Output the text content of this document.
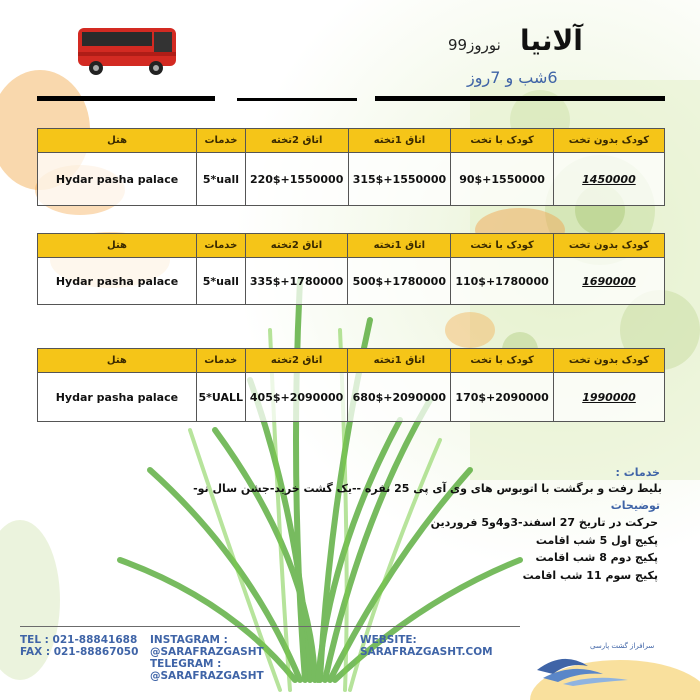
آلانیا
نوروز99
6شب و 7روز
کودک بدون تخت	کودک با تخت	اتاق 1تخته	اتاق 2تخته	خدمات	هتل
1450000	90$+1550000	315$+1550000	220$+1550000	5*uall	Hydar pasha palace
کودک بدون تخت	کودک با تخت	اتاق 1تخته	اتاق 2تخته	خدمات	هتل
1690000	110$+1780000	500$+1780000	335$+1780000	5*uall	Hydar pasha palace
کودک بدون تخت	کودک با تخت	اتاق 1تخته	اتاق 2تخته	خدمات	هتل
1990000	170$+2090000	680$+2090000	405$+2090000	5*UALL	Hydar pasha palace
خدمات :
بلیط رفت و برگشت با اتوبوس های وی آی پی 25 نفره --یک گشت خرید-جشن سال نو-
توضیحات
حرکت در تاریخ 27 اسفند-3و4و5 فروردین
پکیج اول 5 شب اقامت
پکیج دوم 8 شب اقامت
پکیج سوم 11 شب اقامت
TEL : 021-88841688
FAX : 021-88867050
INSTAGRAM :
@SARAFRAZGASHT
TELEGRAM :
@SARAFRAZGASHT
WEBSITE:
SARAFRAZGASHT.COM	سرافراز گشت پارسی
